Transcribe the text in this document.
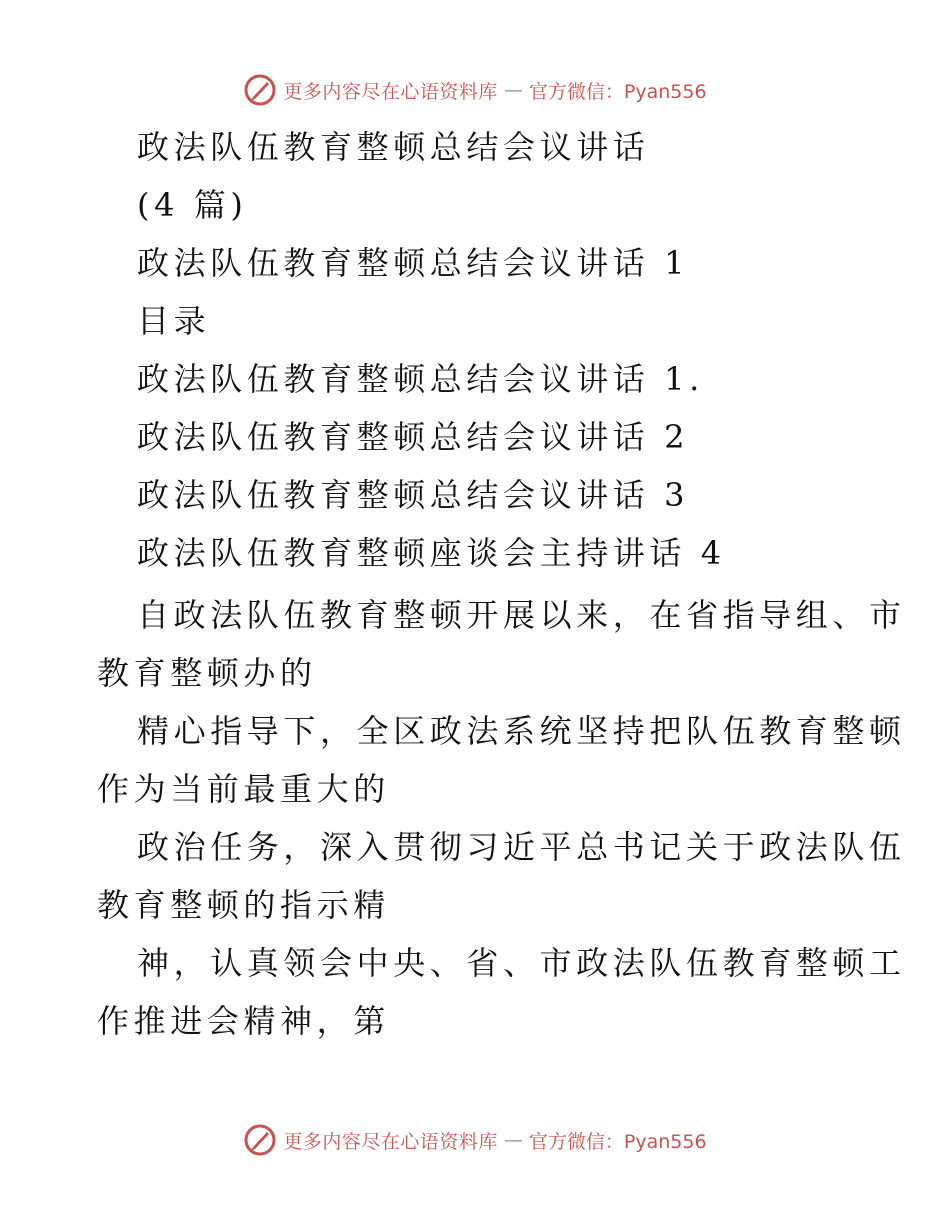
更多内容尽在心语资料库 — 官方微信：Pyan556
政法队伍教育整顿总结会议讲话
(4 篇)
政法队伍教育整顿总结会议讲话 1
目录
政法队伍教育整顿总结会议讲话 1.
政法队伍教育整顿总结会议讲话 2
政法队伍教育整顿总结会议讲话 3
政法队伍教育整顿座谈会主持讲话 4
自政法队伍教育整顿开展以来，在省指导组、市
教育整顿办的
精心指导下，全区政法系统坚持把队伍教育整顿
作为当前最重大的
政治任务，深入贯彻习近平总书记关于政法队伍
教育整顿的指示精
神，认真领会中央、省、市政法队伍教育整顿工
作推进会精神，第
更多内容尽在心语资料库 — 官方微信：Pyan556
